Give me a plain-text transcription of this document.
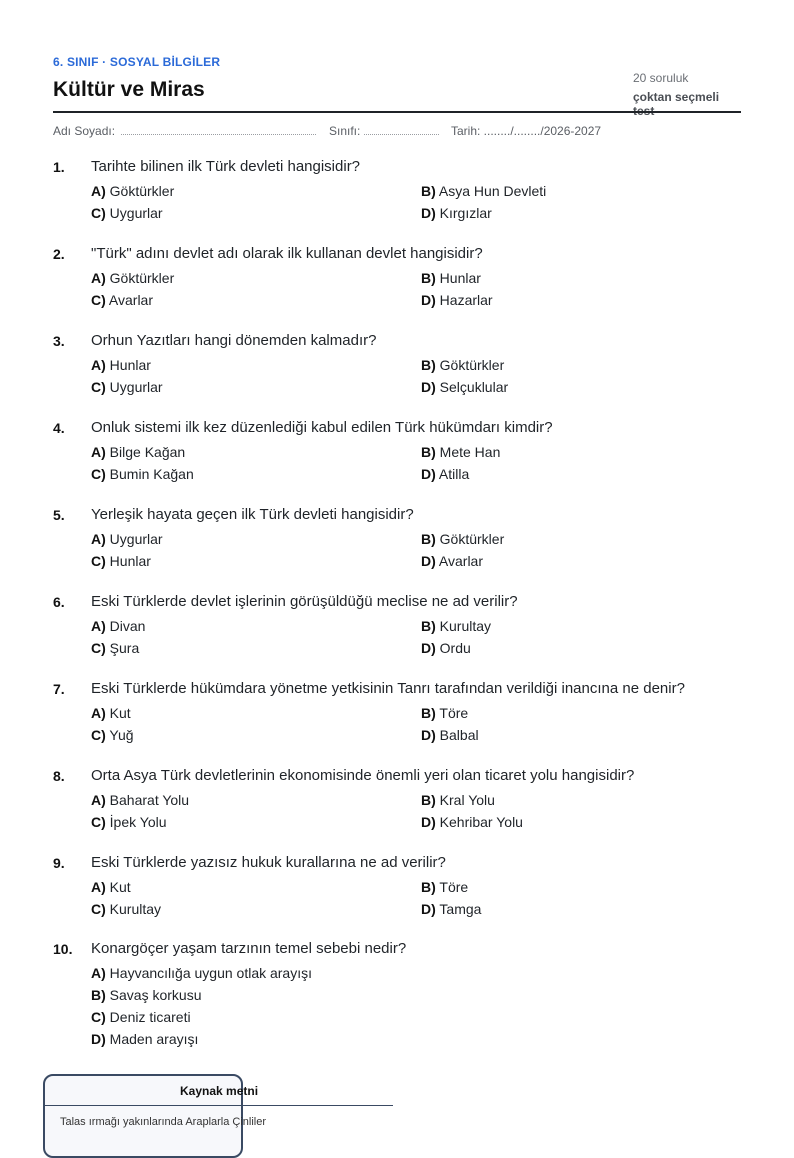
6. SINIF · SOSYAL BİLGİLER
Kültür ve Miras	20 soruluk
çoktan seçmeli
Adı Soyadı:	Sınıfı:	Tarih: ......../......../2026-2027
1. Tarihte bilinen ilk Türk devleti hangisidir?
A) Göktürkler	B) Asya Hun Devleti
C) Uygurlar	D) Kırgızlar
2. "Türk" adını devlet adı olarak ilk kullanan devlet hangisidir?
A) Göktürkler	B) Hunlar
C) Avarlar	D) Hazarlar
3. Orhun Yazıtları hangi dönemden kalmadır?
A) Hunlar	B) Göktürkler
C) Uygurlar	D) Selçuklular
4. Onluk sistemi ilk kez düzenlediği kabul edilen Türk hükümdarı kimdir?
A) Bilge Kağan	B) Mete Han
C) Bumin Kağan	D) Atilla
5. Yerleşik hayata geçen ilk Türk devleti hangisidir?
A) Uygurlar	B) Göktürkler
C) Hunlar	D) Avarlar
6. Eski Türklerde devlet işlerinin görüşüldüğü meclise ne ad verilir?
A) Divan	B) Kurultay
C) Şura	D) Ordu
7. Eski Türklerde hükümdara yönetme yetkisinin Tanrı tarafından verildiği inancına ne denir?
A) Kut	B) Töre
C) Yuğ	D) Balbal
8. Orta Asya Türk devletlerinin ekonomisinde önemli yeri olan ticaret yolu hangisidir?
A) Baharat Yolu	B) Kral Yolu
C) İpek Yolu	D) Kehribar Yolu
9. Eski Türklerde yazısız hukuk kurallarına ne ad verilir?
A) Kut	B) Töre
C) Kurultay	D) Tamga
10. Konargöçer yaşam tarzının temel sebebi nedir?
A) Hayvancılığa uygun otlak arayışı
B) Savaş korkusu
C) Deniz ticareti
D) Maden arayışı
Kaynak metni
Talas ırmağı yakınlarında Araplarla Çinliler
